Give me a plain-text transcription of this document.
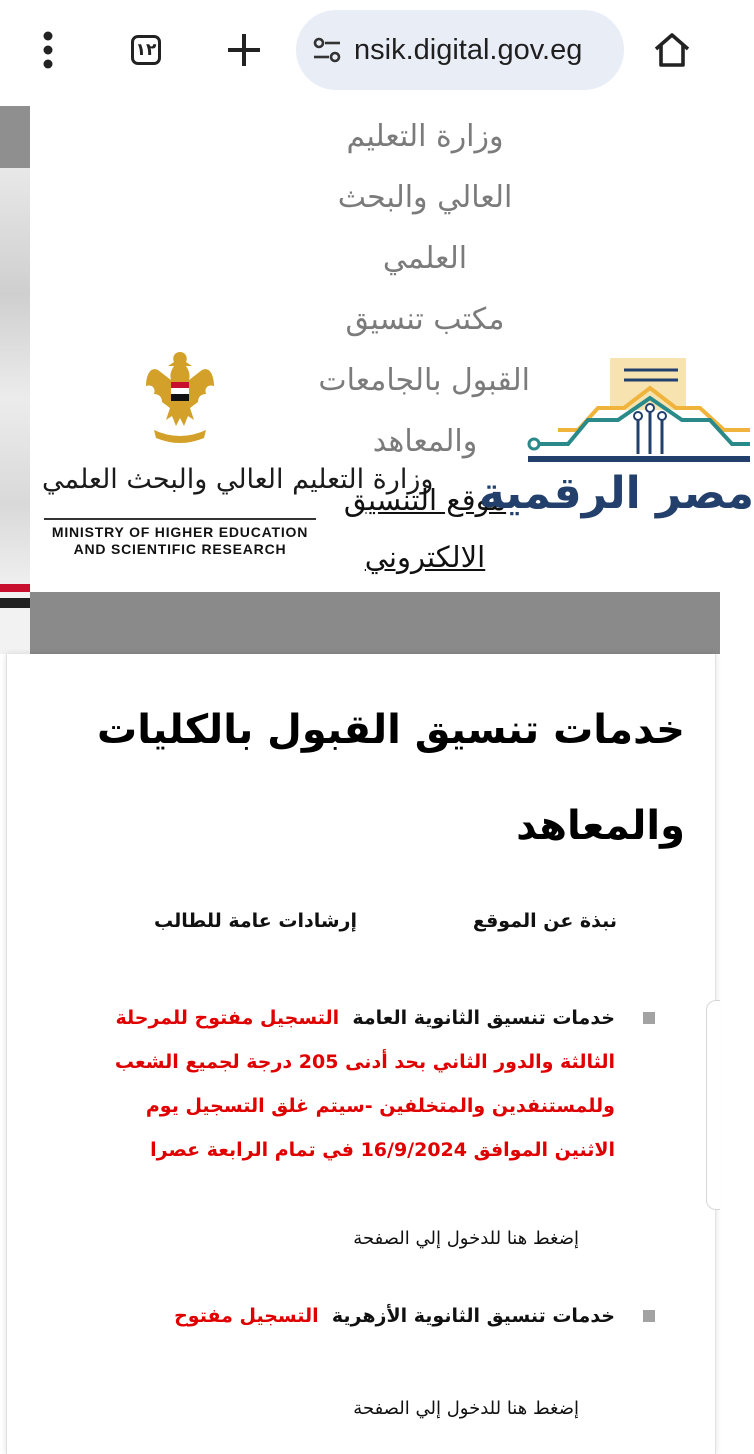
١٢	nsik.digital.gov.eg
وزارة التعليم العالي والبحث العلمي
MINISTRY OF HIGHER EDUCATION
AND SCIENTIFIC RESEARCH
وزارة التعليم
العالي والبحث
العلمي
مكتب تنسيق
القبول بالجامعات
والمعاهد
موقع التنسيق
الالكتروني
مصر الرقمية
خدمات تنسيق القبول بالكليات والمعاهد
نبذة عن الموقع
إرشادات عامة للطالب
خدمات تنسيق الثانوية العامة  التسجيل مفتوح للمرحلة الثالثة والدور الثاني بحد أدنى 205 درجة لجميع الشعب وللمستنفدين والمتخلفين -سيتم غلق التسجيل يوم الاثنين الموافق 16/9/2024 في تمام الرابعة عصرا
إضغط هنا للدخول إلي الصفحة
خدمات تنسيق الثانوية الأزهرية  التسجيل مفتوح
إضغط هنا للدخول إلي الصفحة
